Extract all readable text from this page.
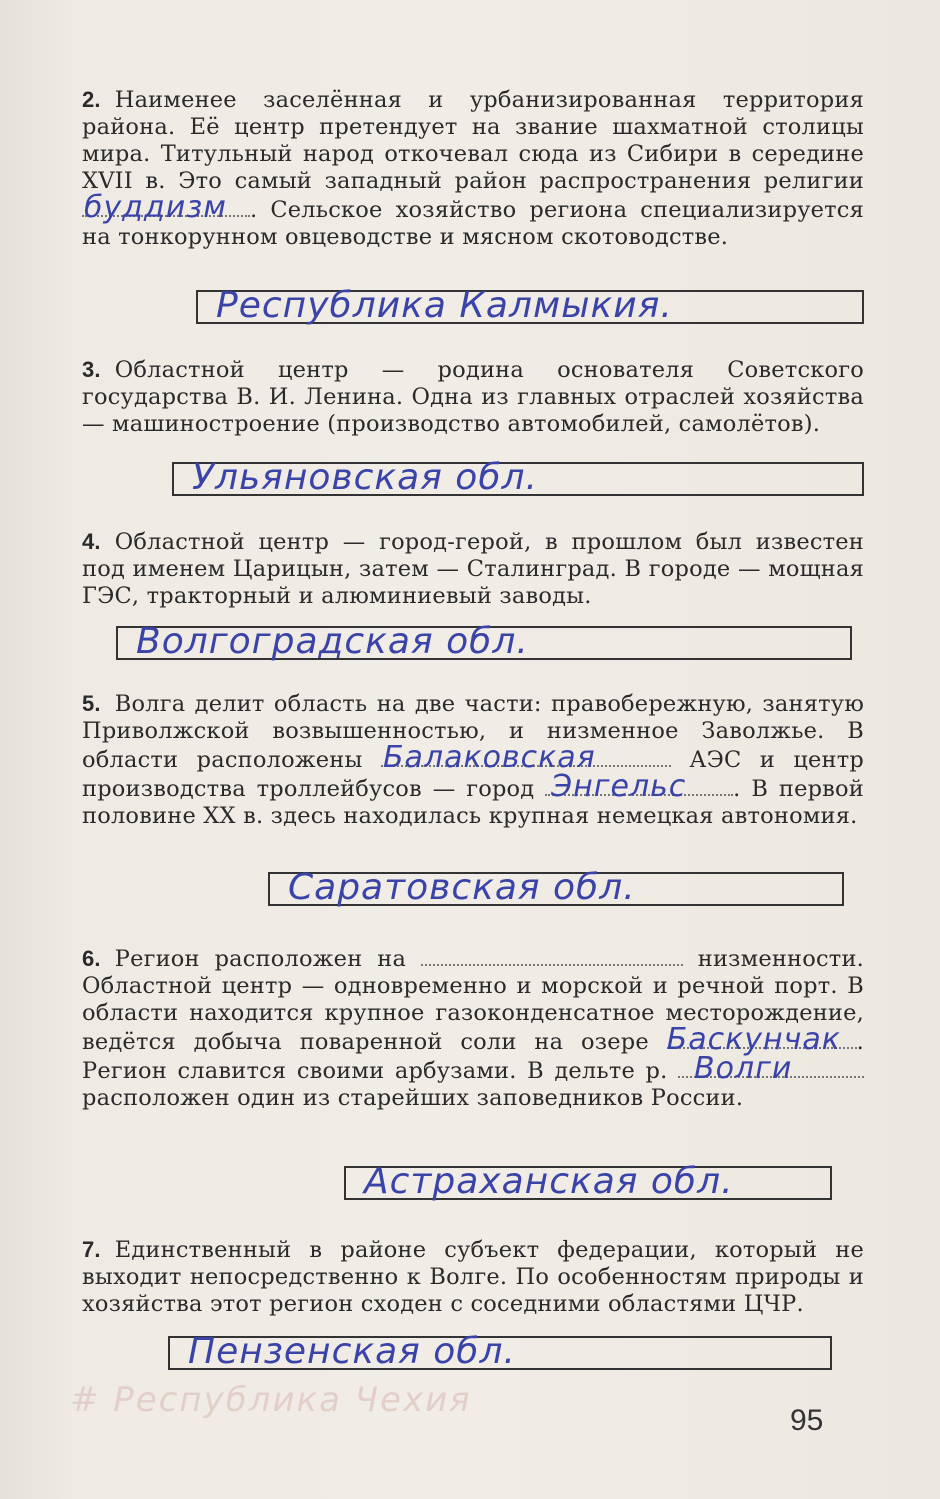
2. Наименее заселённая и урбанизированная территория района. Её центр претендует на звание шахматной столицы мира. Титульный народ откочевал сюда из Сибири в середине XVII в. Это самый западный район распространения религии
буддизм . Сельское хозяйство региона специализируется на тонкорунном овцеводстве и мясном скотоводстве.
Республика Калмыкия.
3. Областной центр — родина основателя Советского государства В. И. Ленина. Одна из главных отраслей хозяйства — машиностроение (производство автомобилей, самолётов).
Ульяновская обл.
4. Областной центр — город-герой, в прошлом был известен под именем Царицын, затем — Сталинград. В городе — мощная ГЭС, тракторный и алюминиевый заводы.
Волгоградская обл.
5. Волга делит область на две части: правобережную, занятую Приволжской возвышенностью, и низменное Заволжье. В области расположены Балаковская	АЭС и центр производства троллейбусов — город Энгельс . В первой половине XX в. здесь находилась крупная немецкая автономия.
Саратовская обл.
6. Регион расположен на	низменности. Областной центр — одновременно и морской и речной порт. В области находится крупное газоконденсатное месторождение, ведётся добыча поваренной соли на озере Баскунчак . Регион славится своими арбузами. В дельте р. Волги
расположен один из старейших заповедников России.
Астраханская обл.
7. Единственный в районе субъект федерации, который не выходит непосредственно к Волге. По особенностям природы и хозяйства этот регион сходен с соседними областями ЦЧР.
Пензенская обл.
# Республика Чехия
95
